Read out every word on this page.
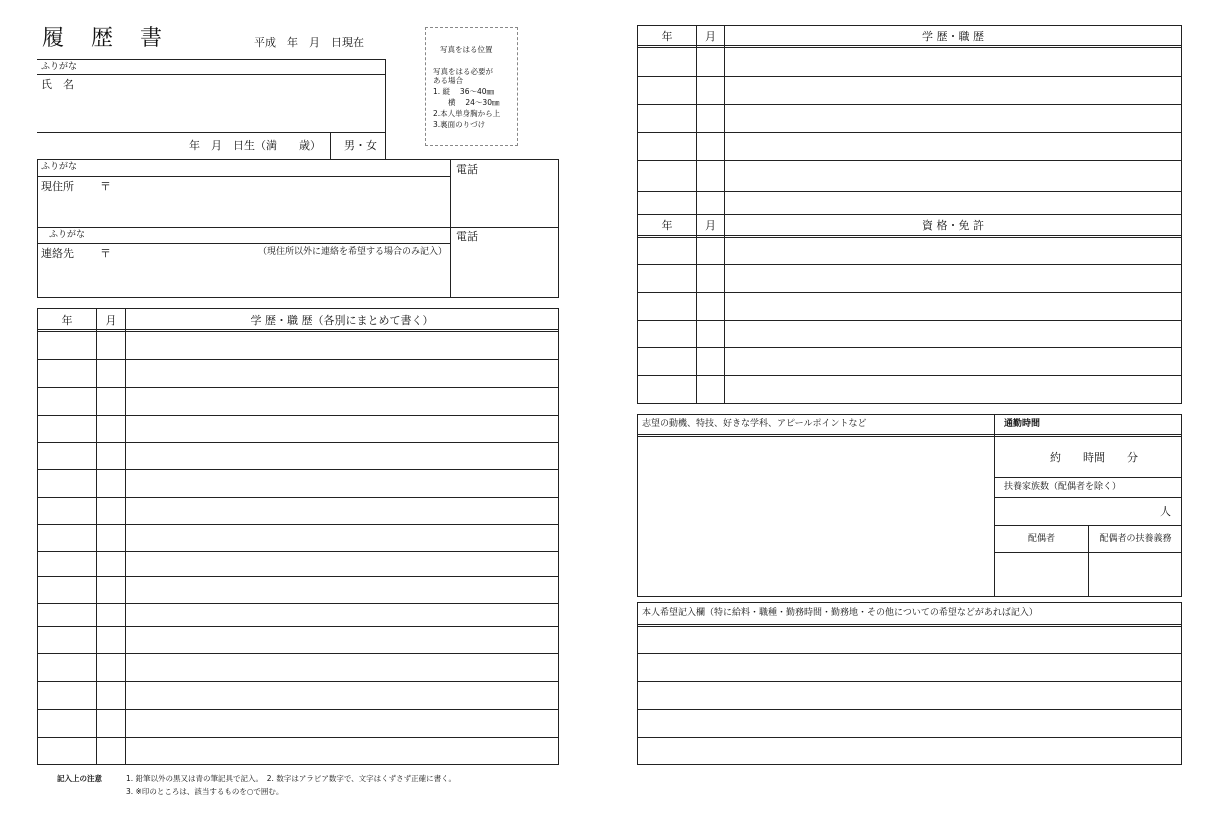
履 歴 書	平成　年　月　日現在
写真をはる位置
写真をはる必要が
ある場合
1. 縦　 36～40㎜
　　横　 24～30㎜
2.本人単身胸から上
3.裏面のりづけ
ふりがな
氏　名
年　月　日生（満　　歳） 男・女
ふりがな
現住所 〒
電話
ふりがな
連絡先 〒	（現住所以外に連絡を希望する場合のみ記入）
電話
年	月	学 歴・職 歴（各別にまとめて書く）
記入上の注意	1. 鉛筆以外の黒又は青の筆記具で記入。　2. 数字はアラビア数字で、文字はくずさず正確に書く。
3. ※印のところは、該当するものを○で囲む。
年	月	学 歴・職 歴
年	月	資 格・免 許
志望の動機、特技、好きな学科、アピールポイントなど	通勤時間
約　　時間　　分
扶養家族数（配偶者を除く）
人
配偶者	配偶者の扶養義務
本人希望記入欄（特に給料・職種・勤務時間・勤務地・その他についての希望などがあれば記入）
